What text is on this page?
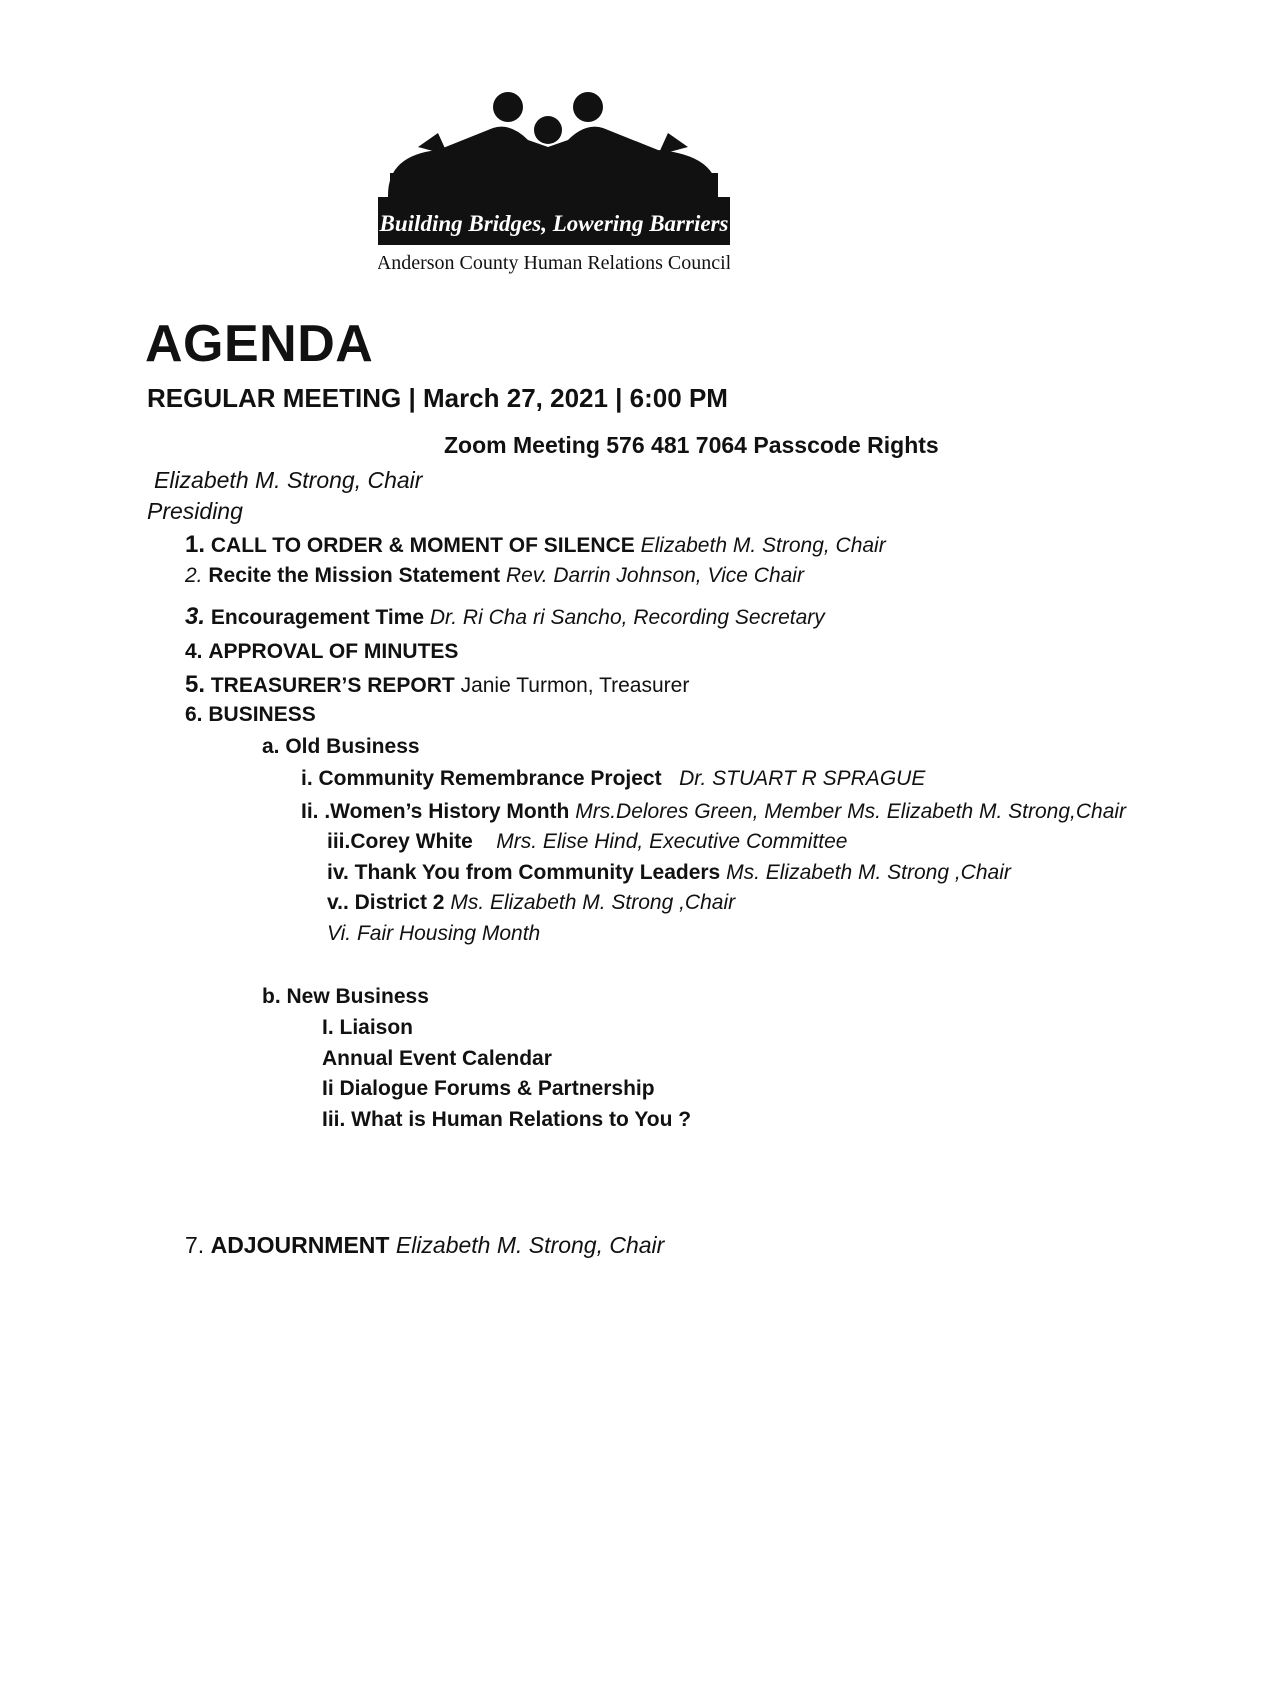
Building Bridges, Lowering Barriers
Anderson County Human Relations Council
AGENDA
REGULAR MEETING | March 27, 2021 | 6:00 PM
Zoom Meeting 576 481 7064 Passcode Rights
Elizabeth M. Strong, Chair
Presiding
1. CALL TO ORDER & MOMENT OF SILENCE Elizabeth M. Strong, Chair
2. Recite the Mission Statement Rev. Darrin Johnson, Vice Chair
3. Encouragement Time Dr. Ri Cha ri Sancho, Recording Secretary
4. APPROVAL OF MINUTES
5. TREASURER’S REPORT Janie Turmon, Treasurer
6. BUSINESS
a. Old Business
i. Community Remembrance Project Dr. STUART R SPRAGUE
Ii. .Women’s History Month Mrs.Delores Green, Member Ms. Elizabeth M. Strong,Chair
iii.Corey White Mrs. Elise Hind, Executive Committee
iv. Thank You from Community Leaders Ms. Elizabeth M. Strong ,Chair
v.. District 2 Ms. Elizabeth M. Strong ,Chair
Vi. Fair Housing Month
b. New Business
I. Liaison
Annual Event Calendar
Ii Dialogue Forums & Partnership
Iii. What is Human Relations to You ?
7. ADJOURNMENT Elizabeth M. Strong, Chair
